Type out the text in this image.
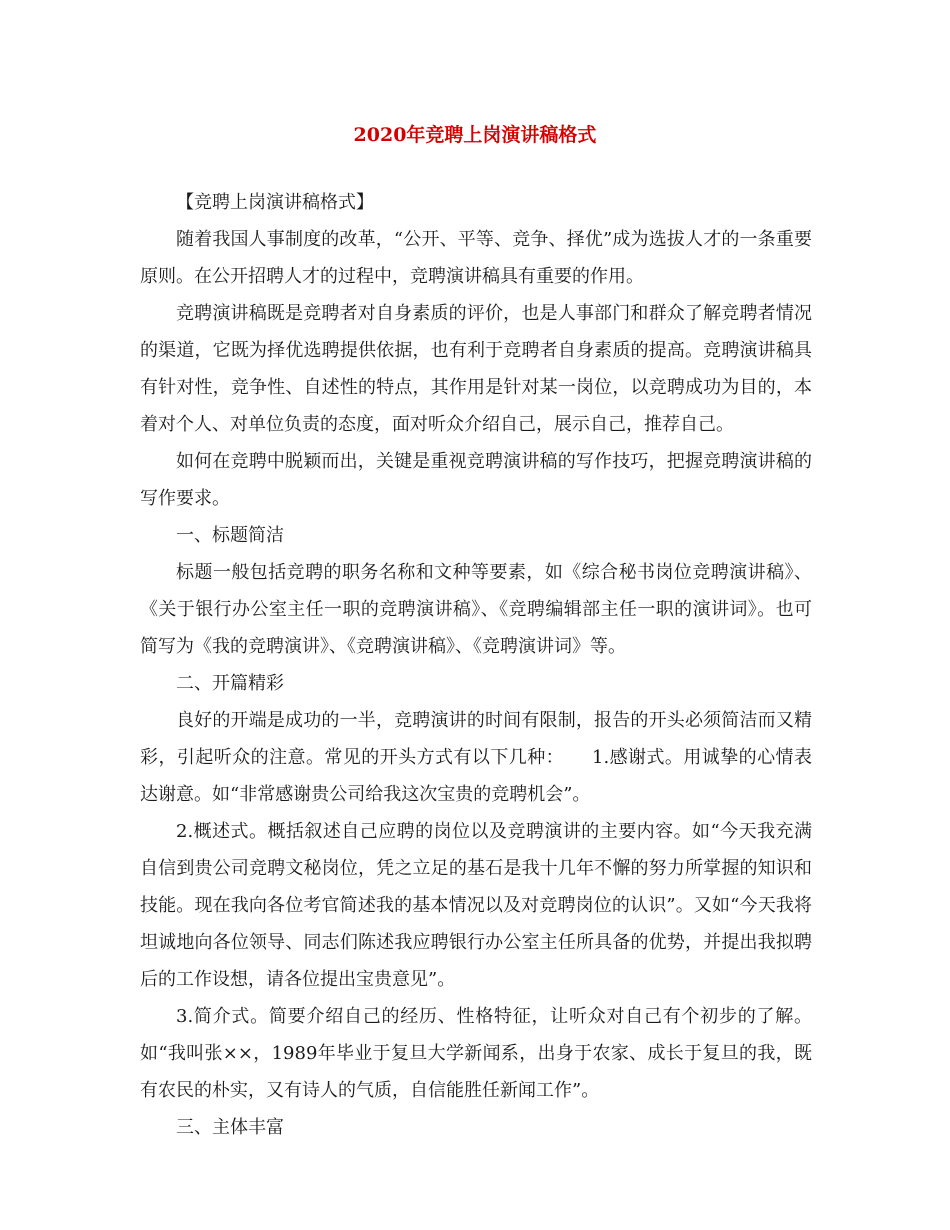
2020年竞聘上岗演讲稿格式

【竞聘上岗演讲稿格式】

随着我国人事制度的改革，“公开、平等、竞争、择优”成为选拔人才的一条重要原则。在公开招聘人才的过程中，竞聘演讲稿具有重要的作用。

竞聘演讲稿既是竞聘者对自身素质的评价，也是人事部门和群众了解竞聘者情况的渠道，它既为择优选聘提供依据，也有利于竞聘者自身素质的提高。竞聘演讲稿具有针对性，竞争性、自述性的特点，其作用是针对某一岗位，以竞聘成功为目的，本着对个人、对单位负责的态度，面对听众介绍自己，展示自己，推荐自己。

如何在竞聘中脱颖而出，关键是重视竞聘演讲稿的写作技巧，把握竞聘演讲稿的写作要求。

一、标题简洁

标题一般包括竞聘的职务名称和文种等要素，如《综合秘书岗位竞聘演讲稿》、《关于银行办公室主任一职的竞聘演讲稿》、《竞聘编辑部主任一职的演讲词》。也可简写为《我的竞聘演讲》、《竞聘演讲稿》、《竞聘演讲词》等。

二、开篇精彩

良好的开端是成功的一半，竞聘演讲的时间有限制，报告的开头必须简洁而又精彩，引起听众的注意。常见的开头方式有以下几种：　　1.感谢式。用诚挚的心情表达谢意。如“非常感谢贵公司给我这次宝贵的竞聘机会”。

2.概述式。概括叙述自己应聘的岗位以及竞聘演讲的主要内容。如“今天我充满自信到贵公司竞聘文秘岗位，凭之立足的基石是我十几年不懈的努力所掌握的知识和技能。现在我向各位考官简述我的基本情况以及对竞聘岗位的认识”。又如“今天我将坦诚地向各位领导、同志们陈述我应聘银行办公室主任所具备的优势，并提出我拟聘后的工作设想，请各位提出宝贵意见”。

3.简介式。简要介绍自己的经历、性格特征，让听众对自己有个初步的了解。如“我叫张××，1989年毕业于复旦大学新闻系，出身于农家、成长于复旦的我，既有农民的朴实，又有诗人的气质，自信能胜任新闻工作”。

三、主体丰富
